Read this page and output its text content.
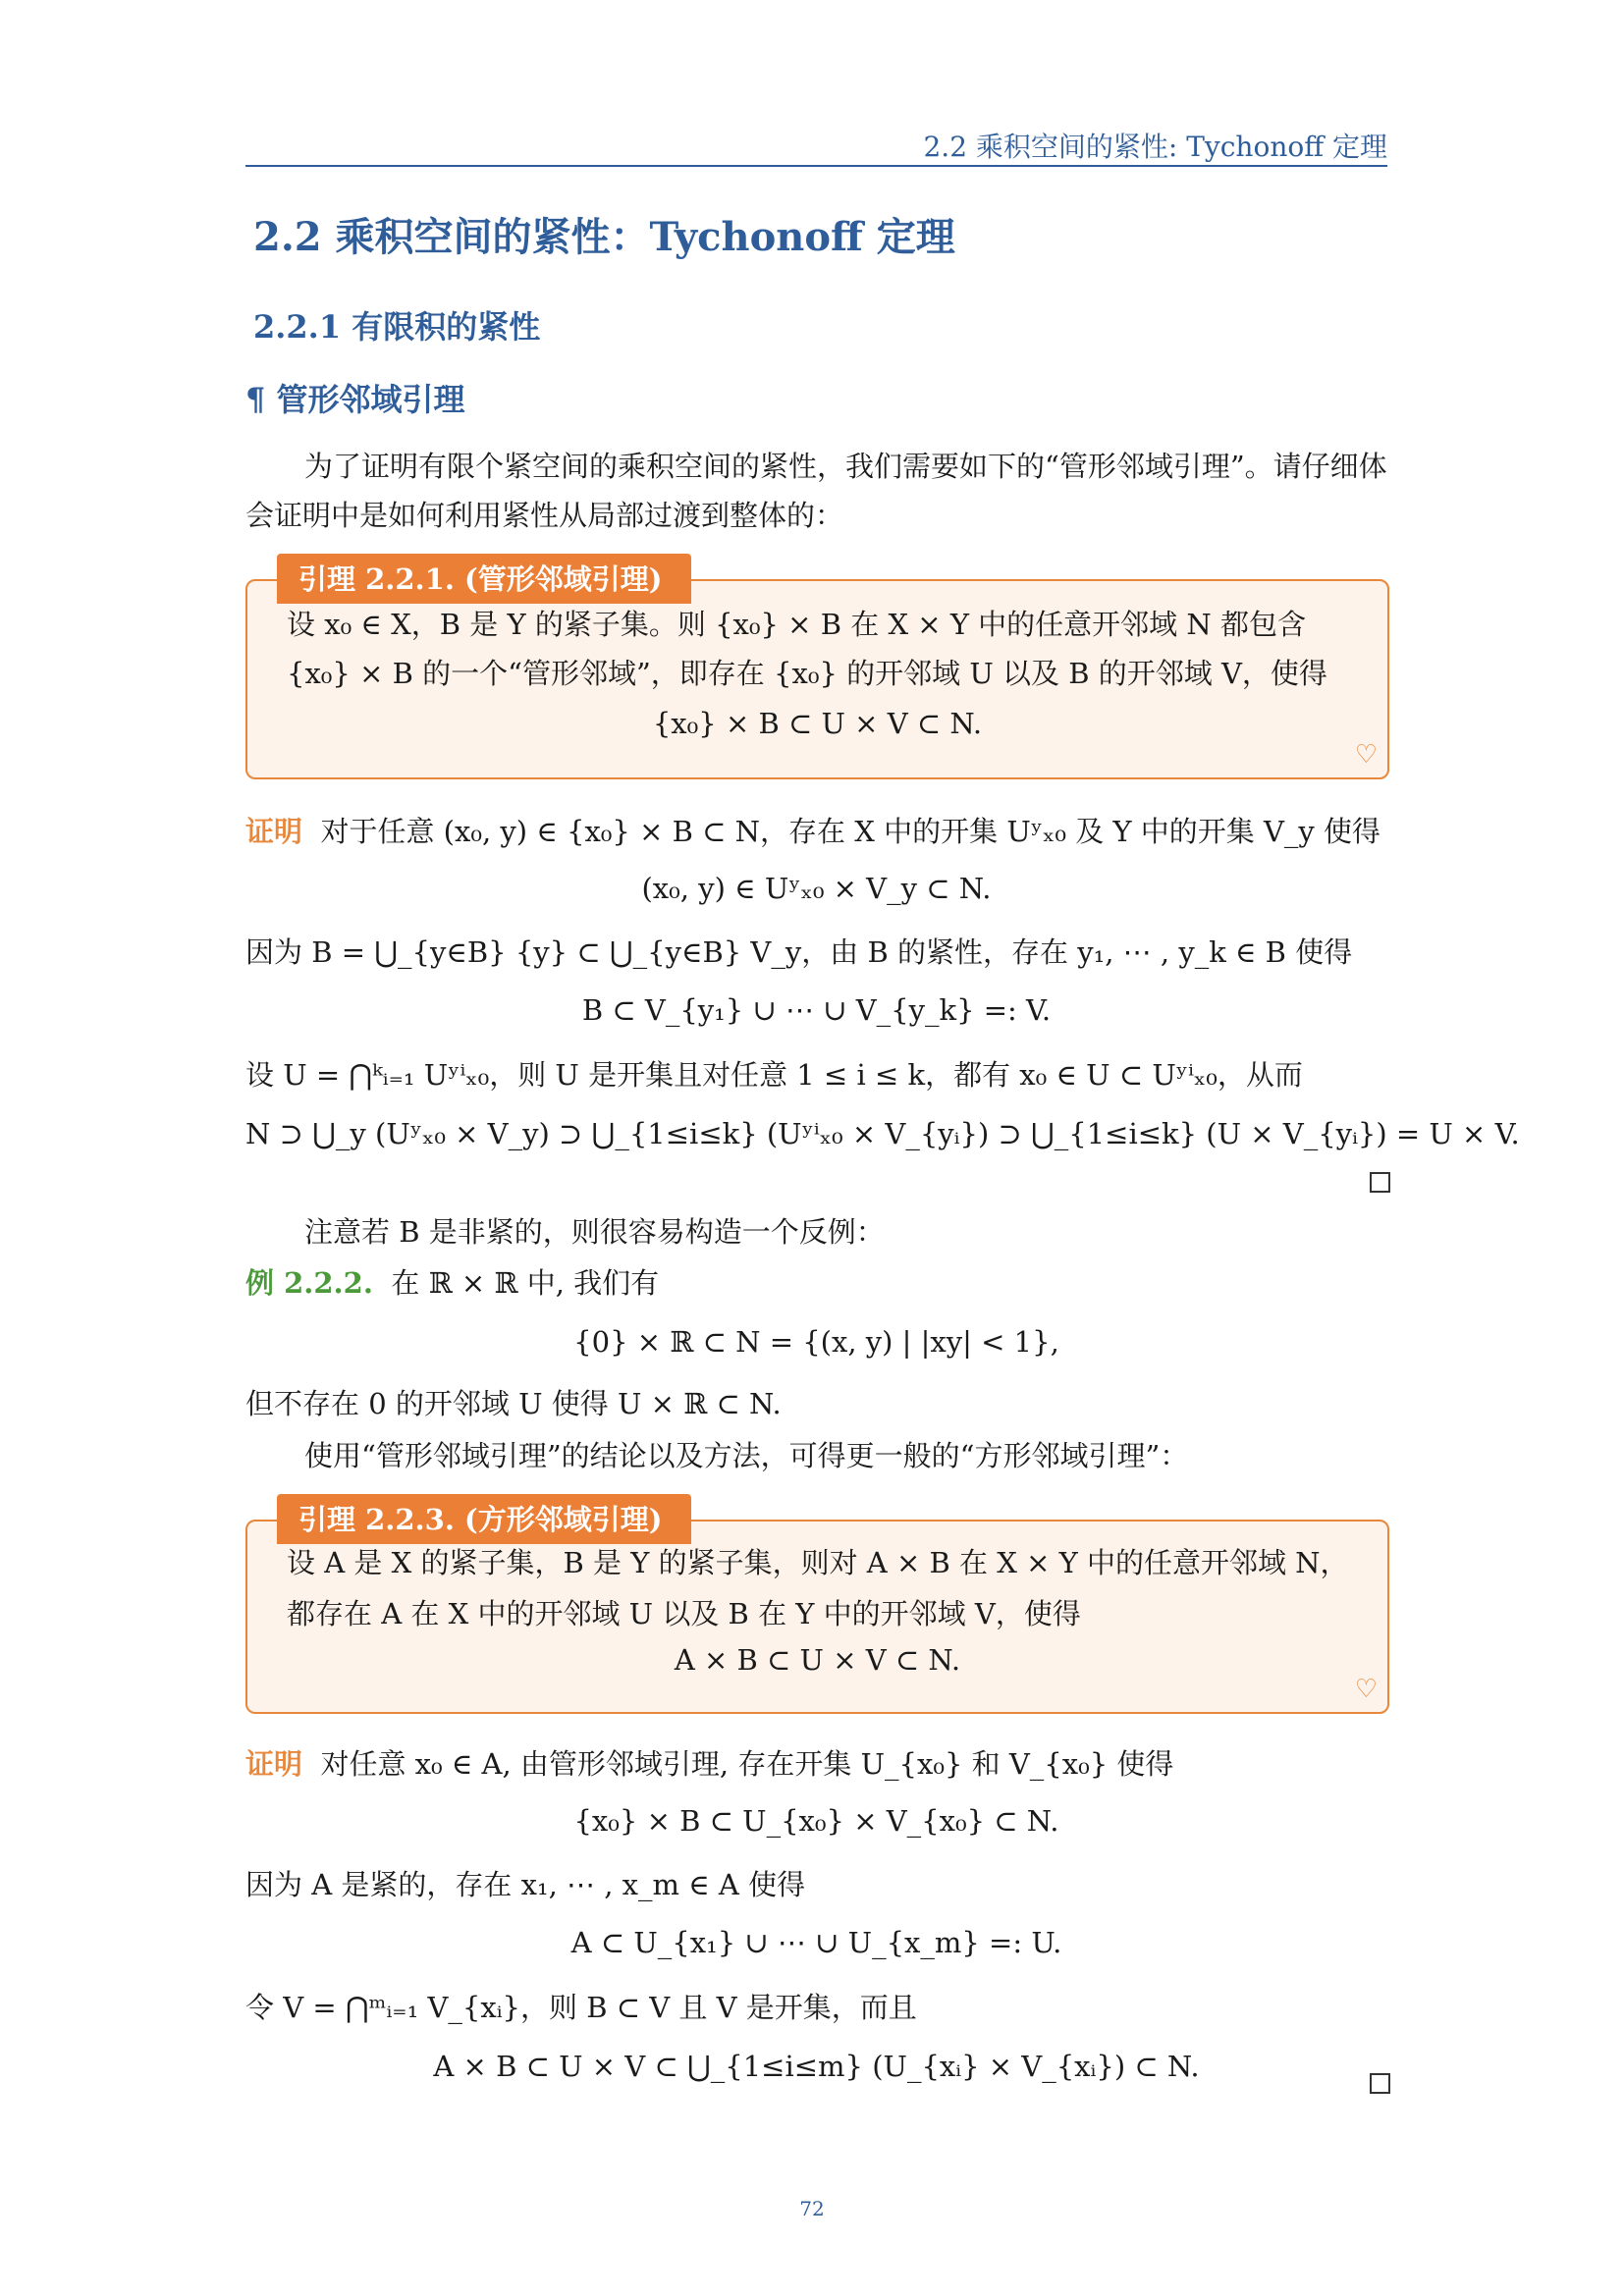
2.2 乘积空间的紧性: Tychonoff 定理
2.2 乘积空间的紧性：Tychonoff 定理
2.2.1 有限积的紧性
¶ 管形邻域引理
为了证明有限个紧空间的乘积空间的紧性，我们需要如下的“管形邻域引理”。请仔细体会证明中是如何利用紧性从局部过渡到整体的：
引理 2.2.1. (管形邻域引理)
设 x₀ ∈ X，B 是 Y 的紧子集。则 {x₀} × B 在 X × Y 中的任意开邻域 N 都包含
{x₀} × B 的一个“管形邻域”，即存在 {x₀} 的开邻域 U 以及 B 的开邻域 V，使得
{x₀} × B ⊂ U × V ⊂ N.
♡
证明 对于任意 (x₀, y) ∈ {x₀} × B ⊂ N，存在 X 中的开集 Uʸₓ₀ 及 Y 中的开集 V_y 使得
(x₀, y) ∈ Uʸₓ₀ × V_y ⊂ N.
因为 B = ⋃_{y∈B} {y} ⊂ ⋃_{y∈B} V_y，由 B 的紧性，存在 y₁, ⋯ , y_k ∈ B 使得
B ⊂ V_{y₁} ∪ ⋯ ∪ V_{y_k} =: V.
设 U = ⋂ᵏᵢ₌₁ Uʸⁱₓ₀，则 U 是开集且对任意 1 ≤ i ≤ k，都有 x₀ ∈ U ⊂ Uʸⁱₓ₀，从而
N ⊃ ⋃_y (Uʸₓ₀ × V_y) ⊃ ⋃_{1≤i≤k} (Uʸⁱₓ₀ × V_{yᵢ}) ⊃ ⋃_{1≤i≤k} (U × V_{yᵢ}) = U × V.
注意若 B 是非紧的，则很容易构造一个反例：
例 2.2.2. 在 ℝ × ℝ 中, 我们有
{0} × ℝ ⊂ N = {(x, y) | |xy| < 1},
但不存在 0 的开邻域 U 使得 U × ℝ ⊂ N.
使用“管形邻域引理”的结论以及方法，可得更一般的“方形邻域引理”：
引理 2.2.3. (方形邻域引理)
设 A 是 X 的紧子集，B 是 Y 的紧子集，则对 A × B 在 X × Y 中的任意开邻域 N，
都存在 A 在 X 中的开邻域 U 以及 B 在 Y 中的开邻域 V，使得
A × B ⊂ U × V ⊂ N.
♡
证明 对任意 x₀ ∈ A, 由管形邻域引理, 存在开集 U_{x₀} 和 V_{x₀} 使得
{x₀} × B ⊂ U_{x₀} × V_{x₀} ⊂ N.
因为 A 是紧的，存在 x₁, ⋯ , x_m ∈ A 使得
A ⊂ U_{x₁} ∪ ⋯ ∪ U_{x_m} =: U.
令 V = ⋂ᵐᵢ₌₁ V_{xᵢ}，则 B ⊂ V 且 V 是开集，而且
A × B ⊂ U × V ⊂ ⋃_{1≤i≤m} (U_{xᵢ} × V_{xᵢ}) ⊂ N.
72
